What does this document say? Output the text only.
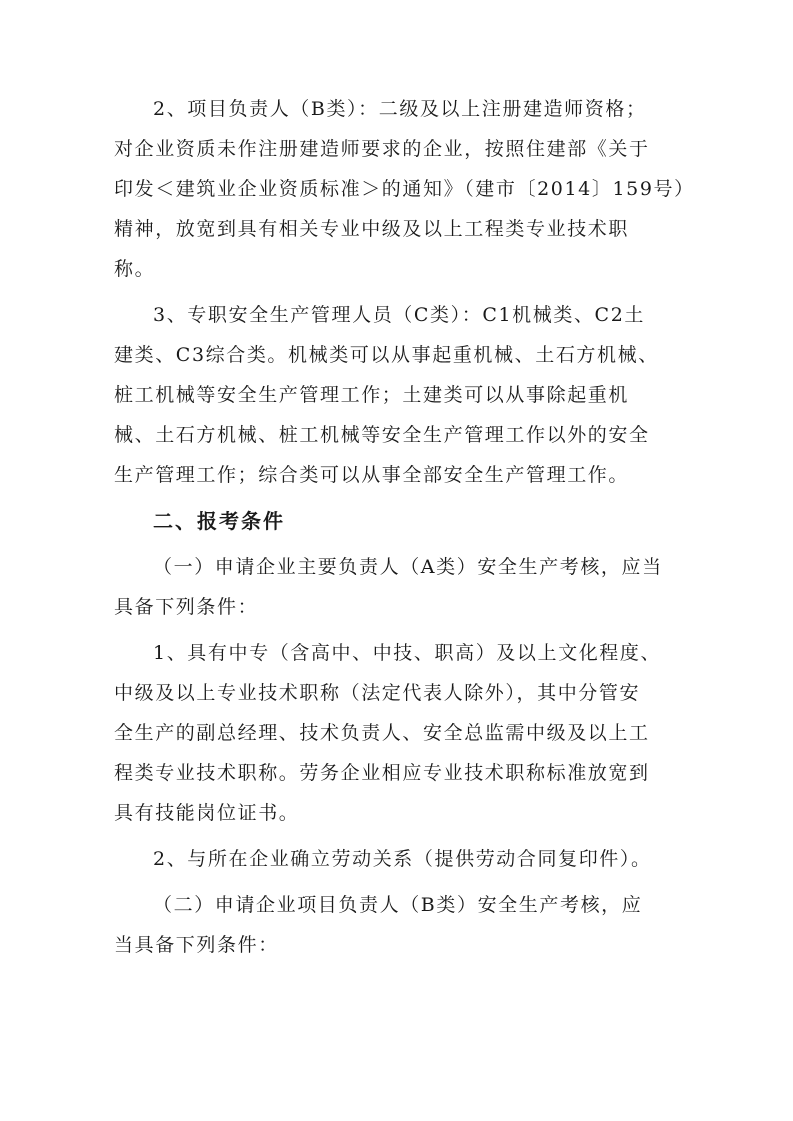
2、项目负责人（B类）：二级及以上注册建造师资格；
对企业资质未作注册建造师要求的企业，按照住建部《关于
印发＜建筑业企业资质标准＞的通知》（建市〔2014〕159号）
精神，放宽到具有相关专业中级及以上工程类专业技术职
称。
3、专职安全生产管理人员（C类）：C1机械类、C2土
建类、C3综合类。机械类可以从事起重机械、土石方机械、
桩工机械等安全生产管理工作；土建类可以从事除起重机
械、土石方机械、桩工机械等安全生产管理工作以外的安全
生产管理工作；综合类可以从事全部安全生产管理工作。
二、报考条件
（一）申请企业主要负责人（A类）安全生产考核，应当
具备下列条件：
1、具有中专（含高中、中技、职高）及以上文化程度、
中级及以上专业技术职称（法定代表人除外），其中分管安
全生产的副总经理、技术负责人、安全总监需中级及以上工
程类专业技术职称。劳务企业相应专业技术职称标准放宽到
具有技能岗位证书。
2、与所在企业确立劳动关系（提供劳动合同复印件）。
（二）申请企业项目负责人（B类）安全生产考核，应
当具备下列条件：
